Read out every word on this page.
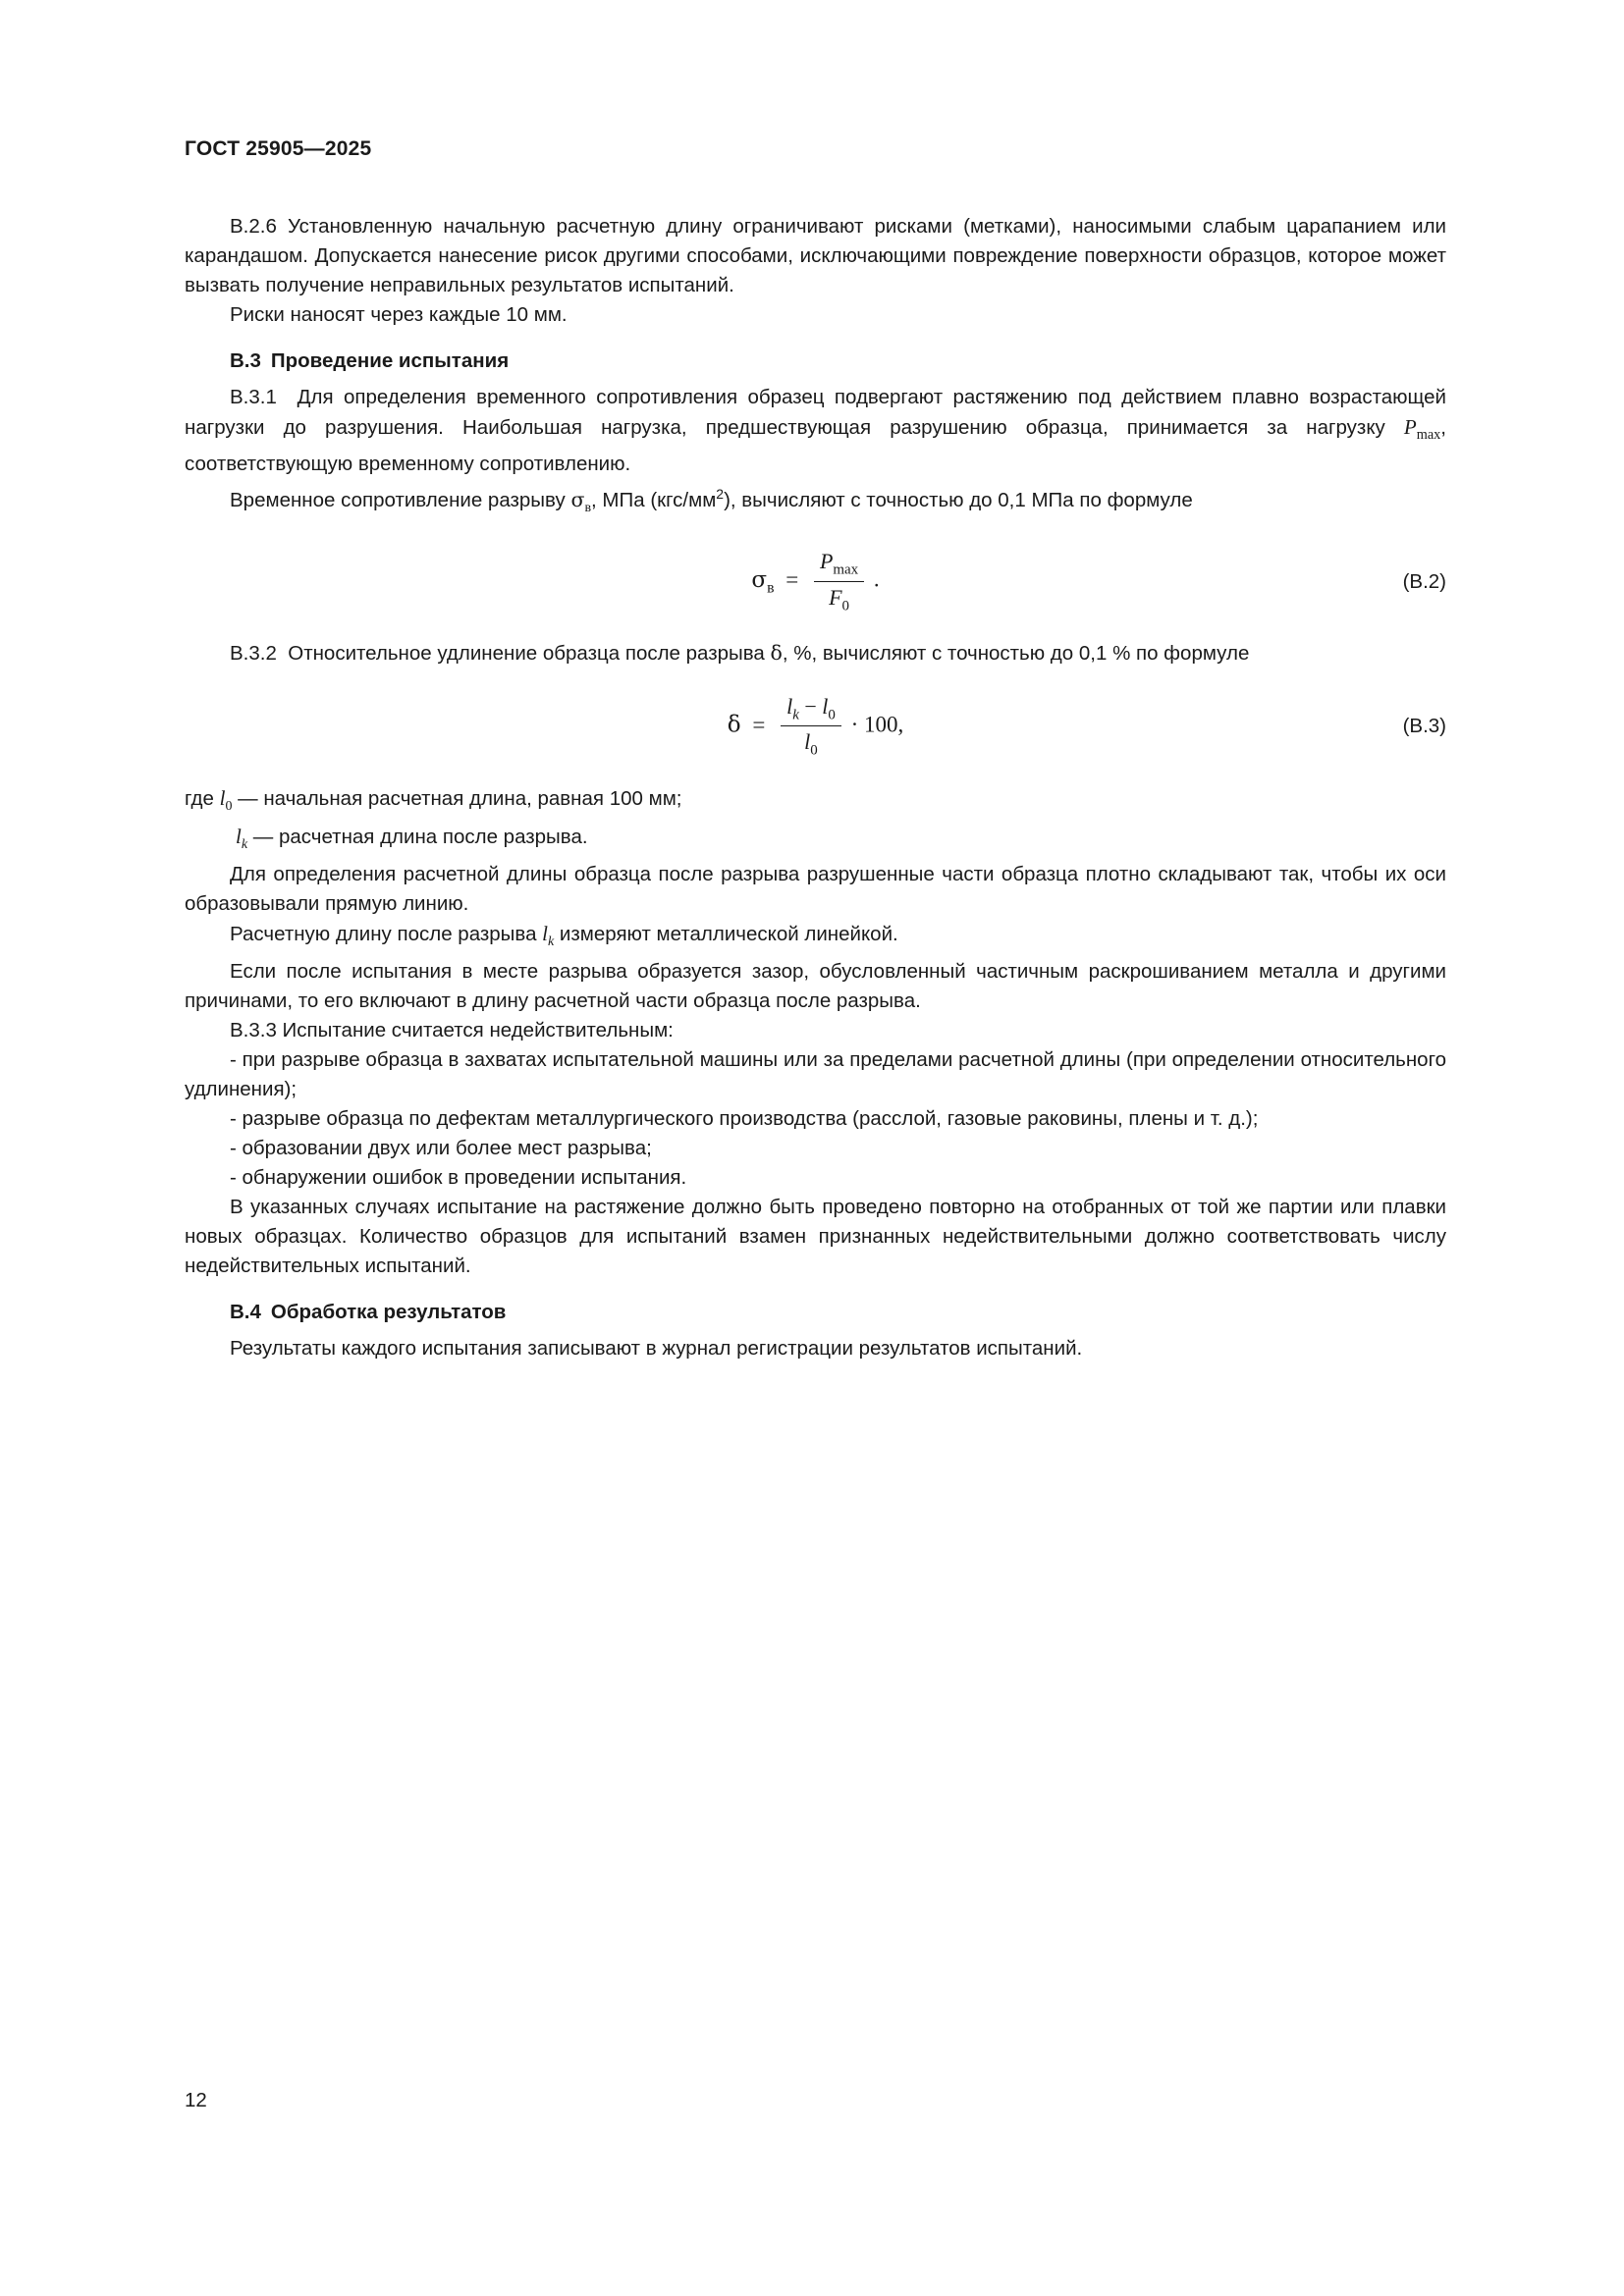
ГОСТ 25905—2025

В.2.6 Установленную начальную расчетную длину ограничивают рисками (метками), наносимыми слабым царапанием или карандашом. Допускается нанесение рисок другими способами, исключающими повреждение поверхности образцов, которое может вызвать получение неправильных результатов испытаний.

Риски наносят через каждые 10 мм.

В.3 Проведение испытания

В.3.1  Для определения временного сопротивления образец подвергают растяжению под действием плавно возрастающей нагрузки до разрушения. Наибольшая нагрузка, предшествующая разрушению образца, принимается за нагрузку $P_{max}$, соответствующую временному сопротивлению.

Временное сопротивление разрыву $\sigma_в$, МПа $(кгс/мм^2)$, вычисляют с точностью до 0,1 МПа по формуле

$\sigma_в = \frac{P_{max}}{F_0}$ .	(В.2)

В.3.2  Относительное удлинение образца после разрыва δ, %, вычисляют с точностью до 0,1 % по формуле

$\delta = \frac{l_k - l_0}{l_0} \cdot 100$,	(В.3)
где $l_0$ — начальная расчетная длина, равная 100 мм;
$l_k$ — расчетная длина после разрыва.

Для определения расчетной длины образца после разрыва разрушенные части образца плотно складывают так, чтобы их оси образовывали прямую линию.

Расчетную длину после разрыва $l_k$ измеряют металлической линейкой.

Если после испытания в месте разрыва образуется зазор, обусловленный частичным раскрошиванием металла и другими причинами, то его включают в длину расчетной части образца после разрыва.

В.3.3 Испытание считается недействительным:

- при разрыве образца в захватах испытательной машины или за пределами расчетной длины (при определении относительного удлинения);

- разрыве образца по дефектам металлургического производства (расслой, газовые раковины, плены и т. д.);

- образовании двух или более мест разрыва;

- обнаружении ошибок в проведении испытания.

В указанных случаях испытание на растяжение должно быть проведено повторно на отобранных от той же партии или плавки новых образцах. Количество образцов для испытаний взамен признанных недействительными должно соответствовать числу недействительных испытаний.

В.4 Обработка результатов

Результаты каждого испытания записывают в журнал регистрации результатов испытаний.

12
